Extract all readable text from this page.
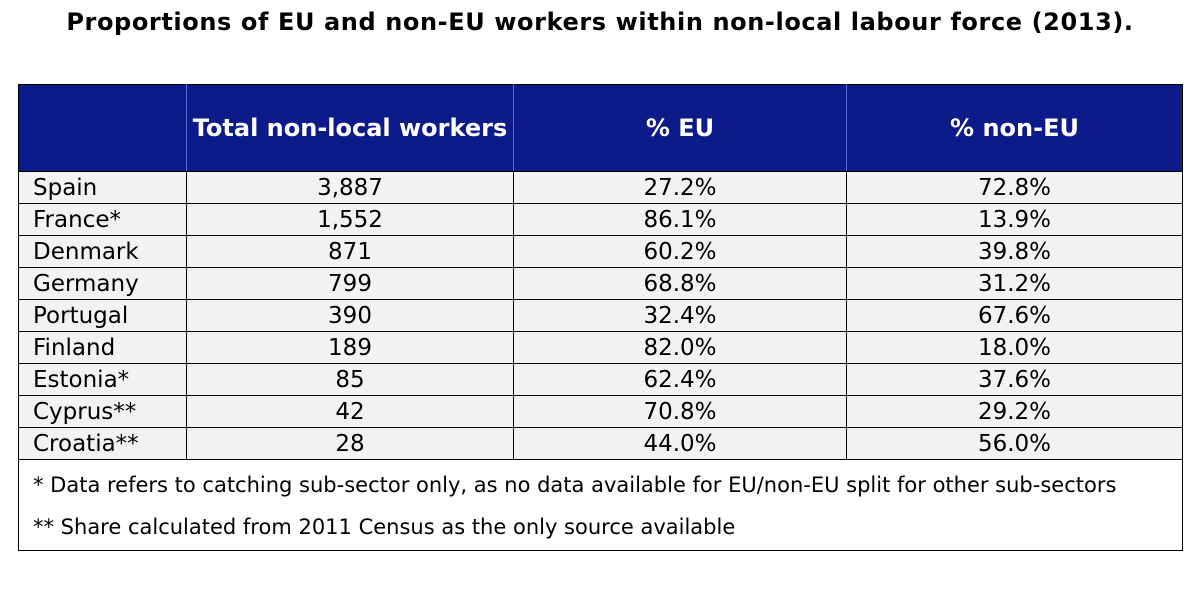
Proportions of EU and non-EU workers within non-local labour force (2013).
	Total non-local workers	% EU	% non-EU
Spain	3,887	27.2%	72.8%
France*	1,552	86.1%	13.9%
Denmark	871	60.2%	39.8%
Germany	799	68.8%	31.2%
Portugal	390	32.4%	67.6%
Finland	189	82.0%	18.0%
Estonia*	85	62.4%	37.6%
Cyprus**	42	70.8%	29.2%
Croatia**	28	44.0%	56.0%

* Data refers to catching sub-sector only, as no data available for EU/non-EU split for other sub-sectors

** Share calculated from 2011 Census as the only source available			
